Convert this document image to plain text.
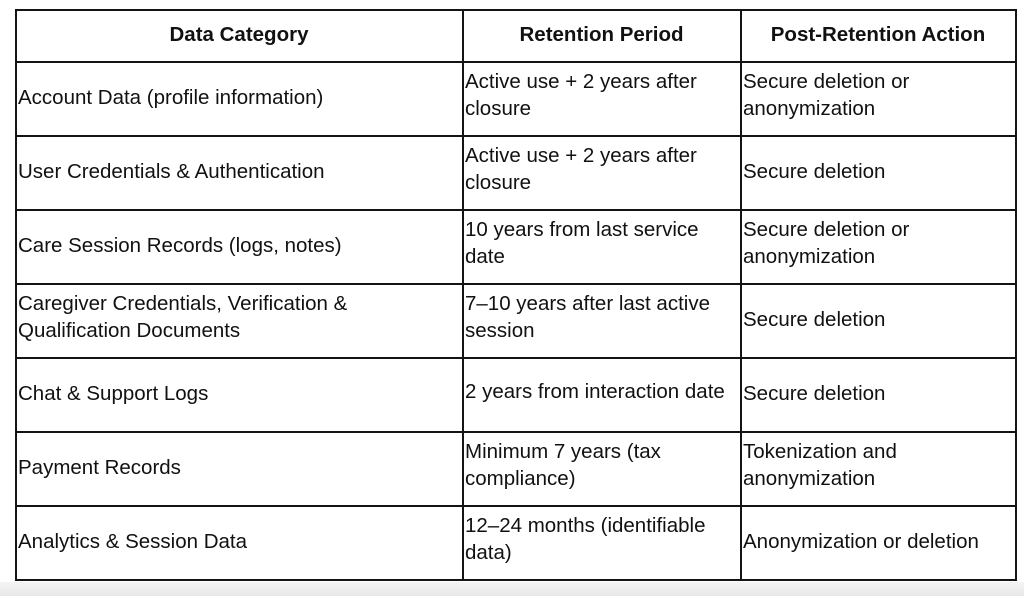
Data Category	Retention Period	Post-Retention Action

Account Data (profile information)	Active use + 2 years after closure	Secure deletion or anonymization

User Credentials & Authentication	Active use + 2 years after closure	Secure deletion

Care Session Records (logs, notes)	10 years from last service date	Secure deletion or anonymization

Caregiver Credentials, Verification & Qualification Documents	7–10 years after last active session	Secure deletion

Chat & Support Logs	2 years from interaction date	Secure deletion

Payment Records	Minimum 7 years (tax compliance)	Tokenization and anonymization

Analytics & Session Data	12–24 months (identifiable data)	Anonymization or deletion
